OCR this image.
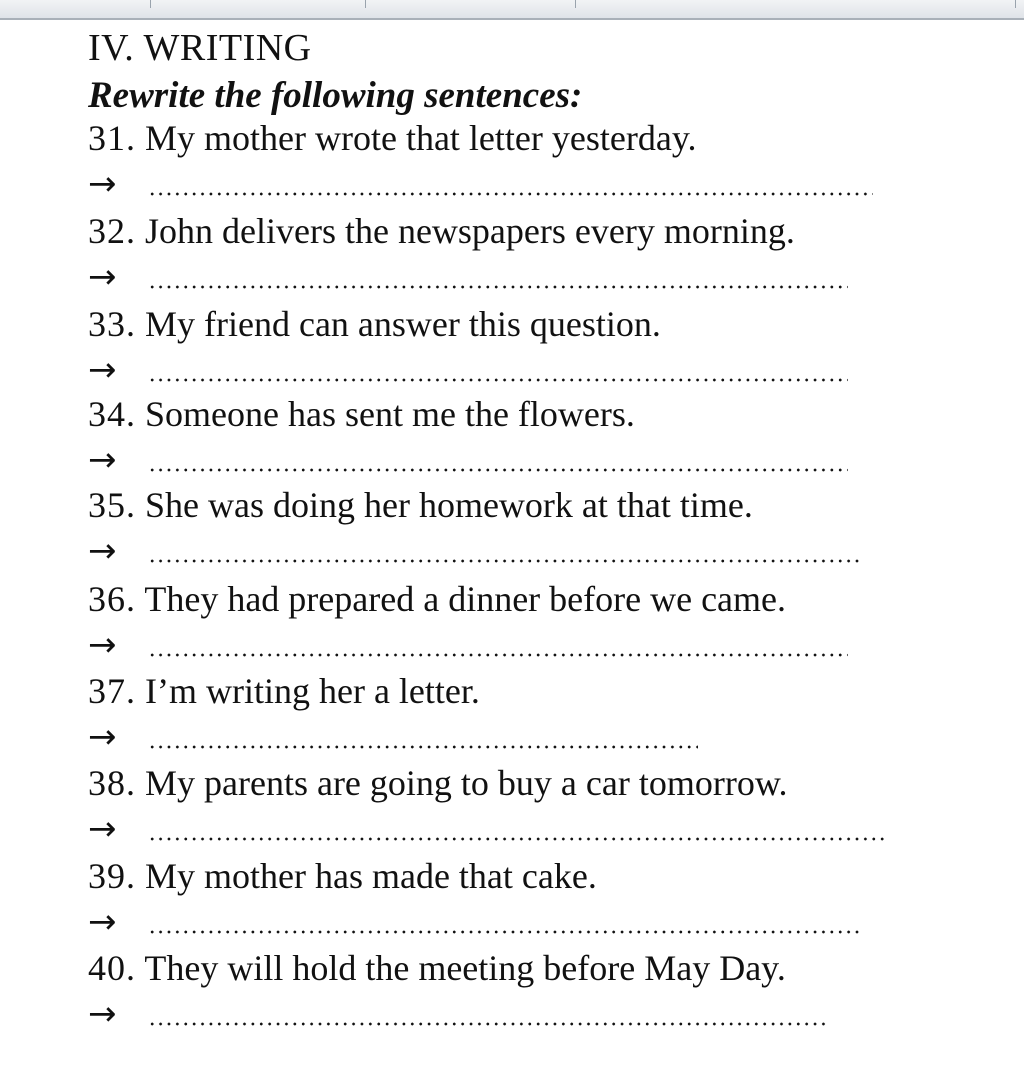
IV. WRITING
Rewrite the following sentences:
31. My mother wrote that letter yesterday.
→
32. John delivers the newspapers every morning.
→
33. My friend can answer this question.
→
34. Someone has sent me the flowers.
→
35. She was doing her homework at that time.
→
36. They had prepared a dinner before we came.
→
37. I’m writing her a letter.
→
38. My parents are going to buy a car tomorrow.
→
39. My mother has made that cake.
→
40. They will hold the meeting before May Day.
→
